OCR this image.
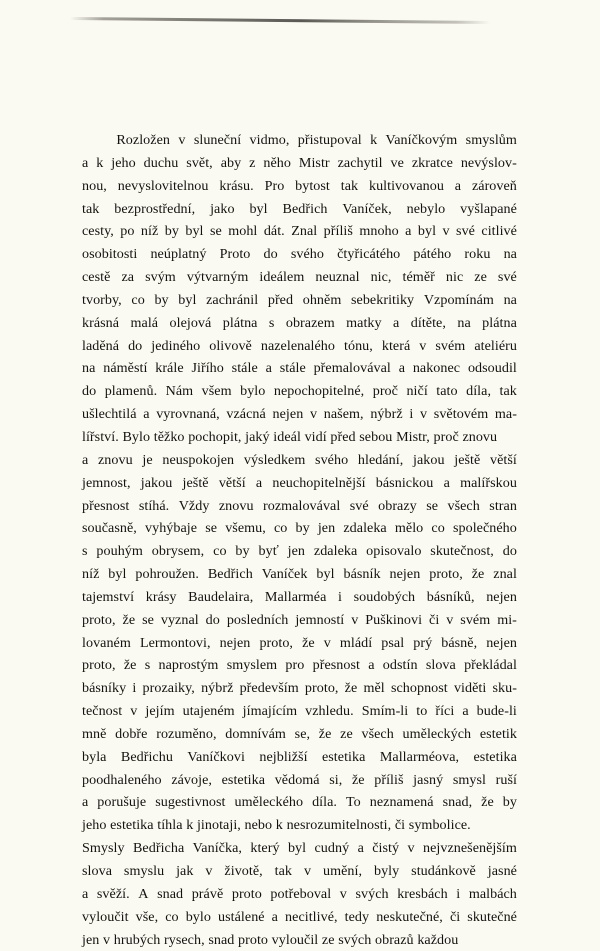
Rozložen v sluneční vidmo, přistupoval k Vaníčkovým smyslům
a k jeho duchu svět, aby z něho Mistr zachytil ve zkratce nevýslov-
nou, nevyslovitelnou krásu. Pro bytost tak kultivovanou a zároveň
tak bezprostřední, jako byl Bedřich Vaníček, nebylo vyšlapané
cesty, po níž by byl se mohl dát. Znal příliš mnoho a byl v své citlivé
osobitosti neúplatný Proto do svého čtyřicátého pátého roku na
cestě za svým výtvarným ideálem neuznal nic, téměř nic ze své
tvorby, co by byl zachránil před ohněm sebekritiky Vzpomínám na
krásná malá olejová plátna s obrazem matky a dítěte, na plátna
laděná do jediného olivově nazelenalého tónu, která v svém ateliéru
na náměstí krále Jiřího stále a stále přemalovával a nakonec odsoudil
do plamenů. Nám všem bylo nepochopitelné, proč ničí tato díla, tak
ušlechtilá a vyrovnaná, vzácná nejen v našem, nýbrž i v světovém ma-
lířství. Bylo těžko pochopit, jaký ideál vidí před sebou Mistr, proč znovu
a znovu je neuspokojen výsledkem svého hledání, jakou ještě větší
jemnost, jakou ještě větší a neuchopitelnější básnickou a malířskou
přesnost stíhá. Vždy znovu rozmalovával své obrazy se všech stran
současně, vyhýbaje se všemu, co by jen zdaleka mělo co společného
s pouhým obrysem, co by byť jen zdaleka opisovalo skutečnost, do
níž byl pohroužen. Bedřich Vaníček byl básník nejen proto, že znal
tajemství krásy Baudelaira, Mallarméa i soudobých básníků, nejen
proto, že se vyznal do posledních jemností v Puškinovi či v svém mi-
lovaném Lermontovi, nejen proto, že v mládí psal prý básně, nejen
proto, že s naprostým smyslem pro přesnost a odstín slova překládal
básníky i prozaiky, nýbrž především proto, že měl schopnost viděti sku-
tečnost v jejím utajeném jímajícím vzhledu. Smím-li to říci a bude-li
mně dobře rozuměno, domnívám se, že ze všech uměleckých estetik
byla Bedřichu Vaníčkovi nejbližší estetika Mallarméova, estetika
poodhaleného závoje, estetika vědomá si, že příliš jasný smysl ruší
a porušuje sugestivnost uměleckého díla. To neznamená snad, že by
jeho estetika tíhla k jinotaji, nebo k nesrozumitelnosti, či symbolice.
Smysly Bedřicha Vaníčka, který byl cudný a čistý v nejvznešenějším
slova smyslu jak v životě, tak v umění, byly studánkově jasné
a svěží. A snad právě proto potřeboval v svých kresbách i malbách
vyloučit vše, co bylo ustálené a necitlivé, tedy neskutečné, či skutečné
jen v hrubých rysech, snad proto vyloučil ze svých obrazů každou
